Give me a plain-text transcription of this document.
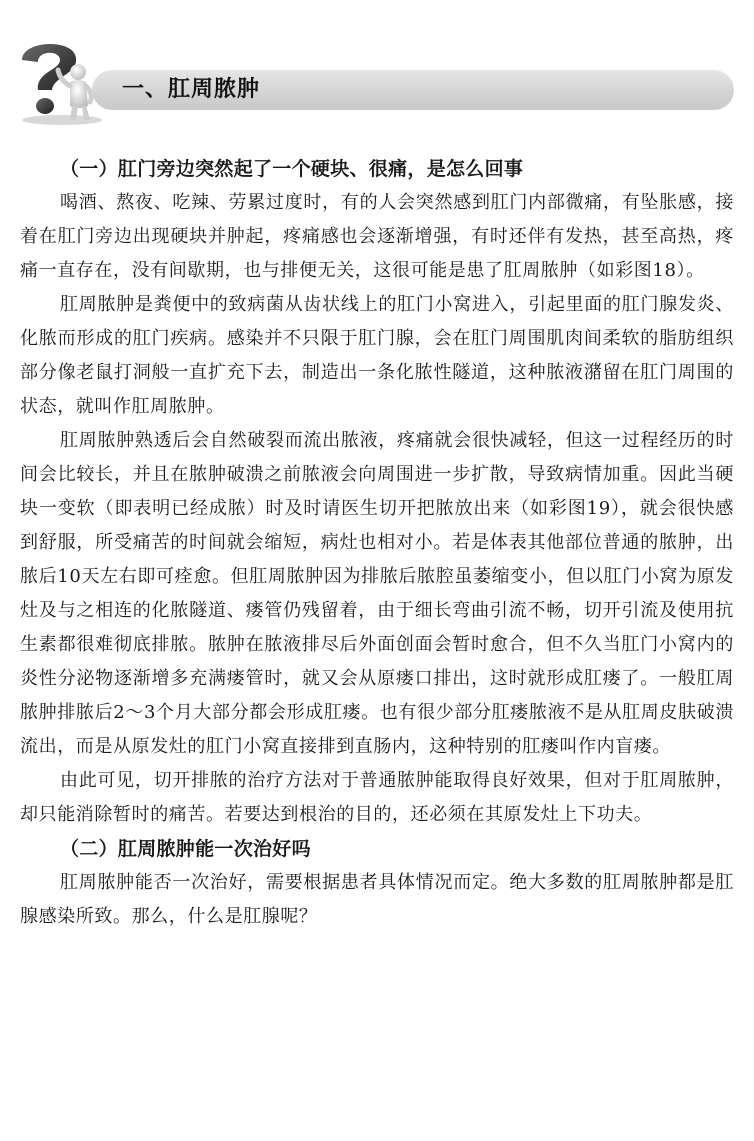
一、肛周脓肿

（一）肛门旁边突然起了一个硬块、很痛，是怎么回事

喝酒、熬夜、吃辣、劳累过度时，有的人会突然感到肛门内部微痛，有坠胀感，接着在肛门旁边出现硬块并肿起，疼痛感也会逐渐增强，有时还伴有发热，甚至高热，疼痛一直存在，没有间歇期，也与排便无关，这很可能是患了肛周脓肿（如彩图18）。

肛周脓肿是粪便中的致病菌从齿状线上的肛门小窝进入，引起里面的肛门腺发炎、化脓而形成的肛门疾病。感染并不只限于肛门腺，会在肛门周围肌肉间柔软的脂肪组织部分像老鼠打洞般一直扩充下去，制造出一条化脓性隧道，这种脓液潴留在肛门周围的状态，就叫作肛周脓肿。

肛周脓肿熟透后会自然破裂而流出脓液，疼痛就会很快减轻，但这一过程经历的时间会比较长，并且在脓肿破溃之前脓液会向周围进一步扩散，导致病情加重。因此当硬块一变软（即表明已经成脓）时及时请医生切开把脓放出来（如彩图19），就会很快感到舒服，所受痛苦的时间就会缩短，病灶也相对小。若是体表其他部位普通的脓肿，出脓后10天左右即可痊愈。但肛周脓肿因为排脓后脓腔虽萎缩变小，但以肛门小窝为原发灶及与之相连的化脓隧道、瘘管仍残留着，由于细长弯曲引流不畅，切开引流及使用抗生素都很难彻底排脓。脓肿在脓液排尽后外面创面会暂时愈合，但不久当肛门小窝内的炎性分泌物逐渐增多充满瘘管时，就又会从原瘘口排出，这时就形成肛瘘了。一般肛周脓肿排脓后2～3个月大部分都会形成肛瘘。也有很少部分肛瘘脓液不是从肛周皮肤破溃流出，而是从原发灶的肛门小窝直接排到直肠内，这种特别的肛瘘叫作内盲瘘。

由此可见，切开排脓的治疗方法对于普通脓肿能取得良好效果，但对于肛周脓肿，却只能消除暂时的痛苦。若要达到根治的目的，还必须在其原发灶上下功夫。

（二）肛周脓肿能一次治好吗

肛周脓肿能否一次治好，需要根据患者具体情况而定。绝大多数的肛周脓肿都是肛腺感染所致。那么，什么是肛腺呢？
